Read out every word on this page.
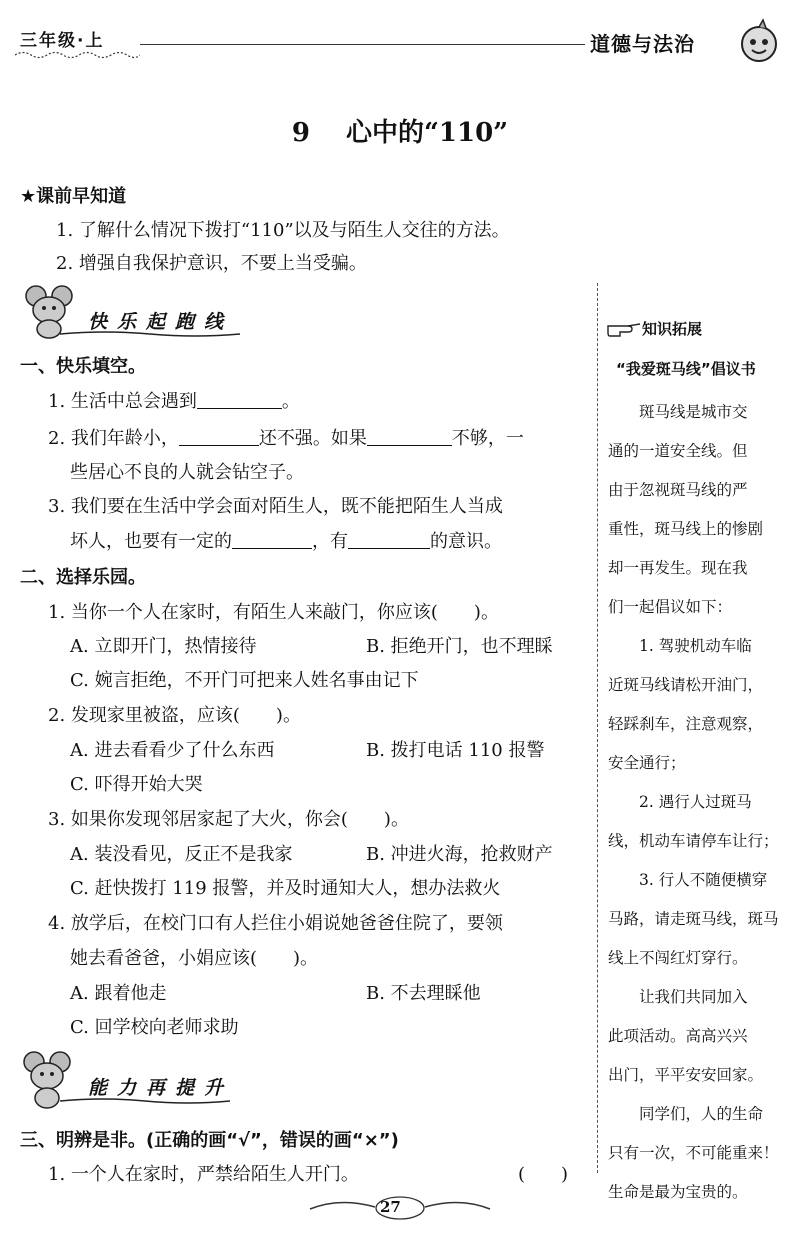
三年级·上	道德与法治
9 心中的“110”
★课前早知道
1. 了解什么情况下拨打“110”以及与陌生人交往的方法。
2. 增强自我保护意识，不要上当受骗。
快乐起跑线
一、快乐填空。
1. 生活中总会遇到	。
2. 我们年龄小，	还不强。如果	不够，一
些居心不良的人就会钻空子。
3. 我们要在生活中学会面对陌生人，既不能把陌生人当成
坏人，也要有一定的	，有	的意识。
二、选择乐园。
1. 当你一个人在家时，有陌生人来敲门，你应该(　　)。
A. 立即开门，热情接待	B. 拒绝开门，也不理睬
C. 婉言拒绝，不开门可把来人姓名事由记下
2. 发现家里被盗，应该(　　)。
A. 进去看看少了什么东西	B. 拨打电话 110 报警
C. 吓得开始大哭
3. 如果你发现邻居家起了大火，你会(　　)。
A. 装没看见，反正不是我家	B. 冲进火海，抢救财产
C. 赶快拨打 119 报警，并及时通知大人，想办法救火
4. 放学后，在校门口有人拦住小娟说她爸爸住院了，要领
她去看爸爸，小娟应该(　　)。
A. 跟着他走	B. 不去理睬他
C. 回学校向老师求助
能力再提升
三、明辨是非。(正确的画“√”，错误的画“×”)
1. 一个人在家时，严禁给陌生人开门。	(　　)
知识拓展
“我爱斑马线”倡议书
　　斑马线是城市交
通的一道安全线。但
由于忽视斑马线的严
重性，斑马线上的惨剧
却一再发生。现在我
们一起倡议如下：
　　1. 驾驶机动车临
近斑马线请松开油门，
轻踩刹车，注意观察，
安全通行；
　　2. 遇行人过斑马
线，机动车请停车让行；
　　3. 行人不随便横穿
马路，请走斑马线，斑马
线上不闯红灯穿行。
　　让我们共同加入
此项活动。高高兴兴
出门，平平安安回家。
　　同学们，人的生命
只有一次，不可能重来！
生命是最为宝贵的。
27
